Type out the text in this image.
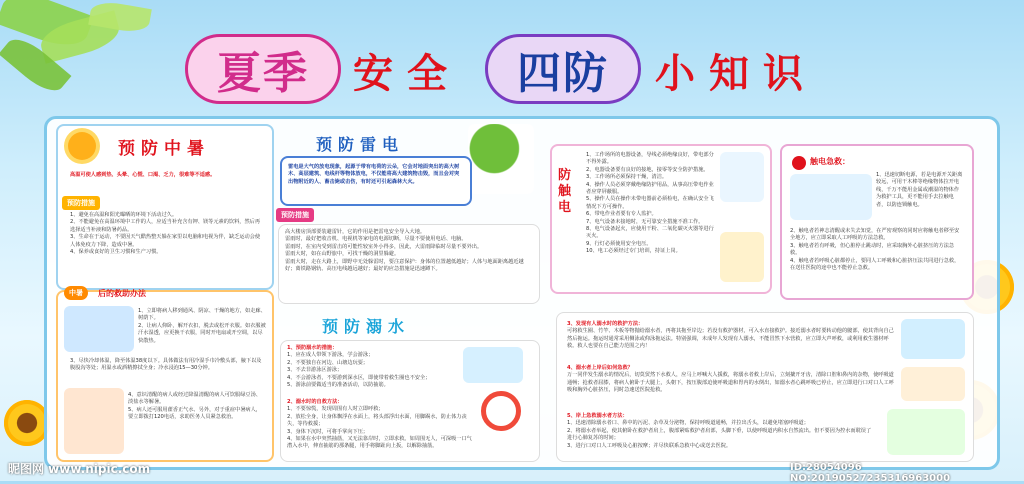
夏季	安全	四防	小知识
预防中暑
高温可使人感到热、头晕、心慌、口渴、乏力，很难等不适感。
预防措施
1、避免在高温和阳光曝晒的环境下活动过久。
2、不能避免在高温环境中工作的人，应适当补充含有钾、镁等元素的饮料，然后再选择适当补液和防暑药品。
3、生命在于运动，不要因天气酷热整天躲在家里以电脑和电视为伴，缺乏运动会使人体免疫力下降，造成中暑。
4、保养或食好的卫生习惯和生产习惯。
中暑	后的救助办法
1、立即将病人移到通风、阴凉、干燥的地方，如走廊、树荫下。
2、让病人仰卧，解开衣扣，脱去或松开衣服。如衣服被汗水湿透，应更换干衣服，同时开电扇或开空调，以尽快散热。
3、尽快冷却体温，降至体温38度以下。具体做法有用冷湿手巾冷敷头部，腋下以及腹股沟等处；用温水或酒精擦拭全身；冷水浸泡15—30分钟。
4、意识清醒的病人或经过降温清醒的病人可饮服绿豆汤、淡盐水等解暑。
5、病人还可服用藿香正气水、另外，对于重症中暑病人，要立即拨打120电话，求助医务人员紧急救治。
预防雷电
雷电是大气的放电现象，起源于带有电荷的云朵，它会对地面突出的高大树木、高层建筑、电线杆等物体放电，不仅能将高大建筑物击毁，而且会对突出物附近的人、畜击毙或击伤，有时还可引起森林大火。
预防措施
高大楼房顶部要装避雷针，它的作用是把雷电安全导入大地。
雷雨时，最好把收音机、电视机等家电的电源切断，尽量不要使用电话、电脑。
雷雨时，在室内受到雷击的可能性较室外小得多，因此，大雷雨降临时尽量不要外出。
雷雨大时，如在山野旅中，可找干燥的洞里躲避。
雷雨大时，走在大路上，即野中无处躲雷时，要注意保护：身体的位置越低越好；人体与地面距离越近越好；离铁路钢轨、高压电线越远越好；最好的应急措施是迅速蹲下。
预防溺水
1、预防溺水的措施：
1、应在成人带领下游泳，学会游泳；
2、不要独自在河边、山塘边玩耍；
3、不去非游泳区游泳；
4、不会游泳者，不要游到深水区，即使带着救生圈也不安全；
5、游泳前要做适当的准备活动，以防抽筋。
2、溺水时的自救方法：
1、不要惊慌，发现周围有人时立即呼救；
2、放松全身，让身体飘浮在水面上，将头部浮出水面，用脚踢水，防止体力丧失，等待救援；
3、身体下沉时，可将手掌向下压；
4、如果在水中突然抽筋，又无法靠岸时，立即求救。如周围无人，可深吸一口气潜入水中，伸直抽筋的那条腿，用手将脚趾向上扳，以解除抽筋。
防触电
1、工作场所的电器设备，导线必须绝缘良好，带电部分不得外露。
2、电器设备要有良好的接地，接零等安全防护措施。
3、工作场所必须保持干燥，清洁。
4、操作人员必须穿戴绝缘防护用品，从事高压带电作业者应穿屏蔽服。
5、操作人员在操作未带电器前必须检电，在确认安全飞情况下方可操作。
6、带电作业者要有专人监护。
7、电气设备未接地时，无可靠安全措施不准工作。
8、电气设备起火，应使用干粉、二氧化碳灭火器等进行灭火。
9、行灯必须使用安全电压。
10、电工必须经过专门培训，持证上岗。
触电急救：
1、迅速切断电源，若是电源开关距离较远，可用干木棒等绝缘物体拉开电线，千万不能用金属或潮湿的物体作为救护工具，更不能用手去拉触电者，以防连锁触电。
2、触电者若神志清醒或未失去知觉，在严密观察的同时应将触电者移至安全地方，应立即采取人工呼吸的方法急救。
3、触电者若有呼吸，但心脏停止跳动时，应采取胸外心脏挤压的方法急救。
4、触电者若呼吸心脏都停止，要同人工呼吸和心脏挤压法共同进行急救，在送往医院的途中也不能停止急救。
3、发现有人溺水时的救护方法：
可将救生圈、竹竿、木板等物抛给溺水者，再将其拖至岸边；若没有救护器材，可入水直接救护。接近溺水者时要转动他的髋部，使其背向自己然后拖运。拖运时通常采用侧泳或仰泳拖运法。特别强调，未成年人发现有人溺水，不能冒然下水营救，应立即大声呼救，或利用救生器材呼救。救人也要在自己能力范围之内！
4、溺水者上岸后如何急救？
万一同伴发生溺水的情况后，切莫贸然下水救人，应马上呼喊大人援救，将溺水者救上岸后，立刻撬开牙齿，清除口腔和鼻内的杂物，使呼吸道通畅；抢救者屈膝，将病人俯卧于大腿上，头朝下，按压腹部迫使呼吸道和胃内的水倒出，如溺水者心跳呼吸已停止，应立即进行口对口人工呼吸和胸外心脏挤压，同时急速送医院抢救。
5、岸上急救溺水者方法：
1、迅速清除溺水者口、鼻中的污泥、杂草及分泌物，保持呼吸道通畅，并拉出舌头，以避免堵塞呼吸道；
2、将溺水者举起，使其俯卧在救护者肩上，腹部紧贴救护者肩部，头脚下垂，以使呼吸道内积水自然流出。但不要因为控水而耽误了进行心肺复苏的时间；
3、进行口对口人工呼吸及心脏按摩；并尽快联系急救中心或送去医院。
昵图网 www.nipic.com	ID:28054096 NO:20190527235316963000
